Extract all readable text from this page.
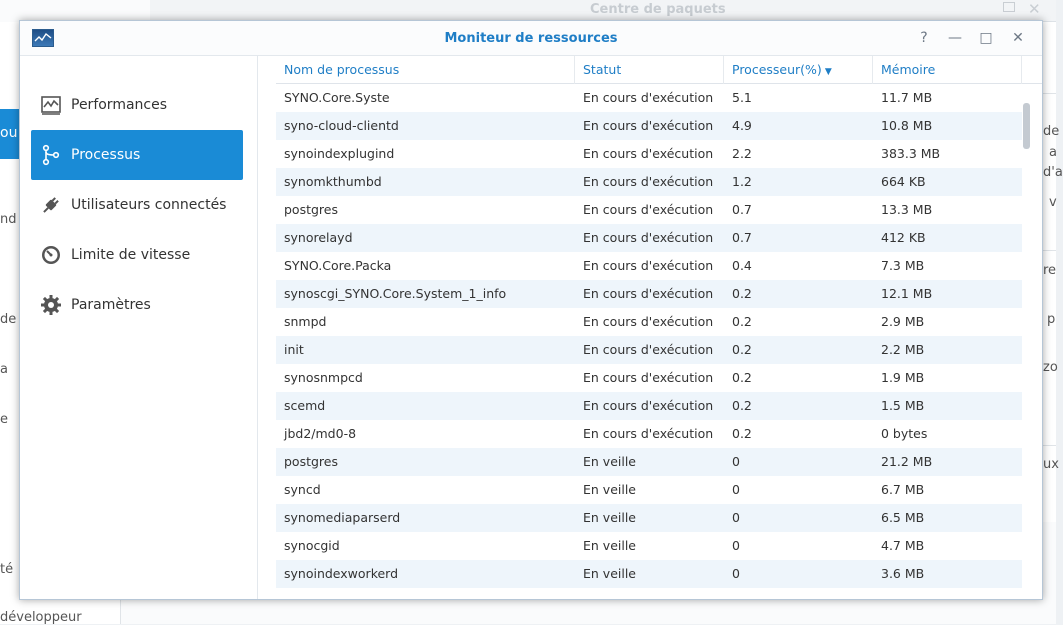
Centre de paquets	✕
ou
nd
de
a
e
té
développeur
de
a
d'a
v
re
p
zo
ux
Moniteur de ressources	?	— □ ✕
Performances
Processus
Utilisateurs connectés
Limite de vitesse
Paramètres
Nom de processus	Statut	Processeur(%) ▼	Mémoire
SYNO.Core.Syste	En cours d'exécution	5.1	11.7 MB
syno-cloud-clientd	En cours d'exécution	4.9	10.8 MB
synoindexplugind	En cours d'exécution	2.2	383.3 MB
synomkthumbd	En cours d'exécution	1.2	664 KB
postgres	En cours d'exécution	0.7	13.3 MB
synorelayd	En cours d'exécution	0.7	412 KB
SYNO.Core.Packa	En cours d'exécution	0.4	7.3 MB
synoscgi_SYNO.Core.System_1_info	En cours d'exécution	0.2	12.1 MB
snmpd	En cours d'exécution	0.2	2.9 MB
init	En cours d'exécution	0.2	2.2 MB
synosnmpcd	En cours d'exécution	0.2	1.9 MB
scemd	En cours d'exécution	0.2	1.5 MB
jbd2/md0-8	En cours d'exécution	0.2	0 bytes
postgres	En veille	0	21.2 MB
syncd	En veille	0	6.7 MB
synomediaparserd	En veille	0	6.5 MB
synocgid	En veille	0	4.7 MB
synoindexworkerd	En veille	0	3.6 MB
